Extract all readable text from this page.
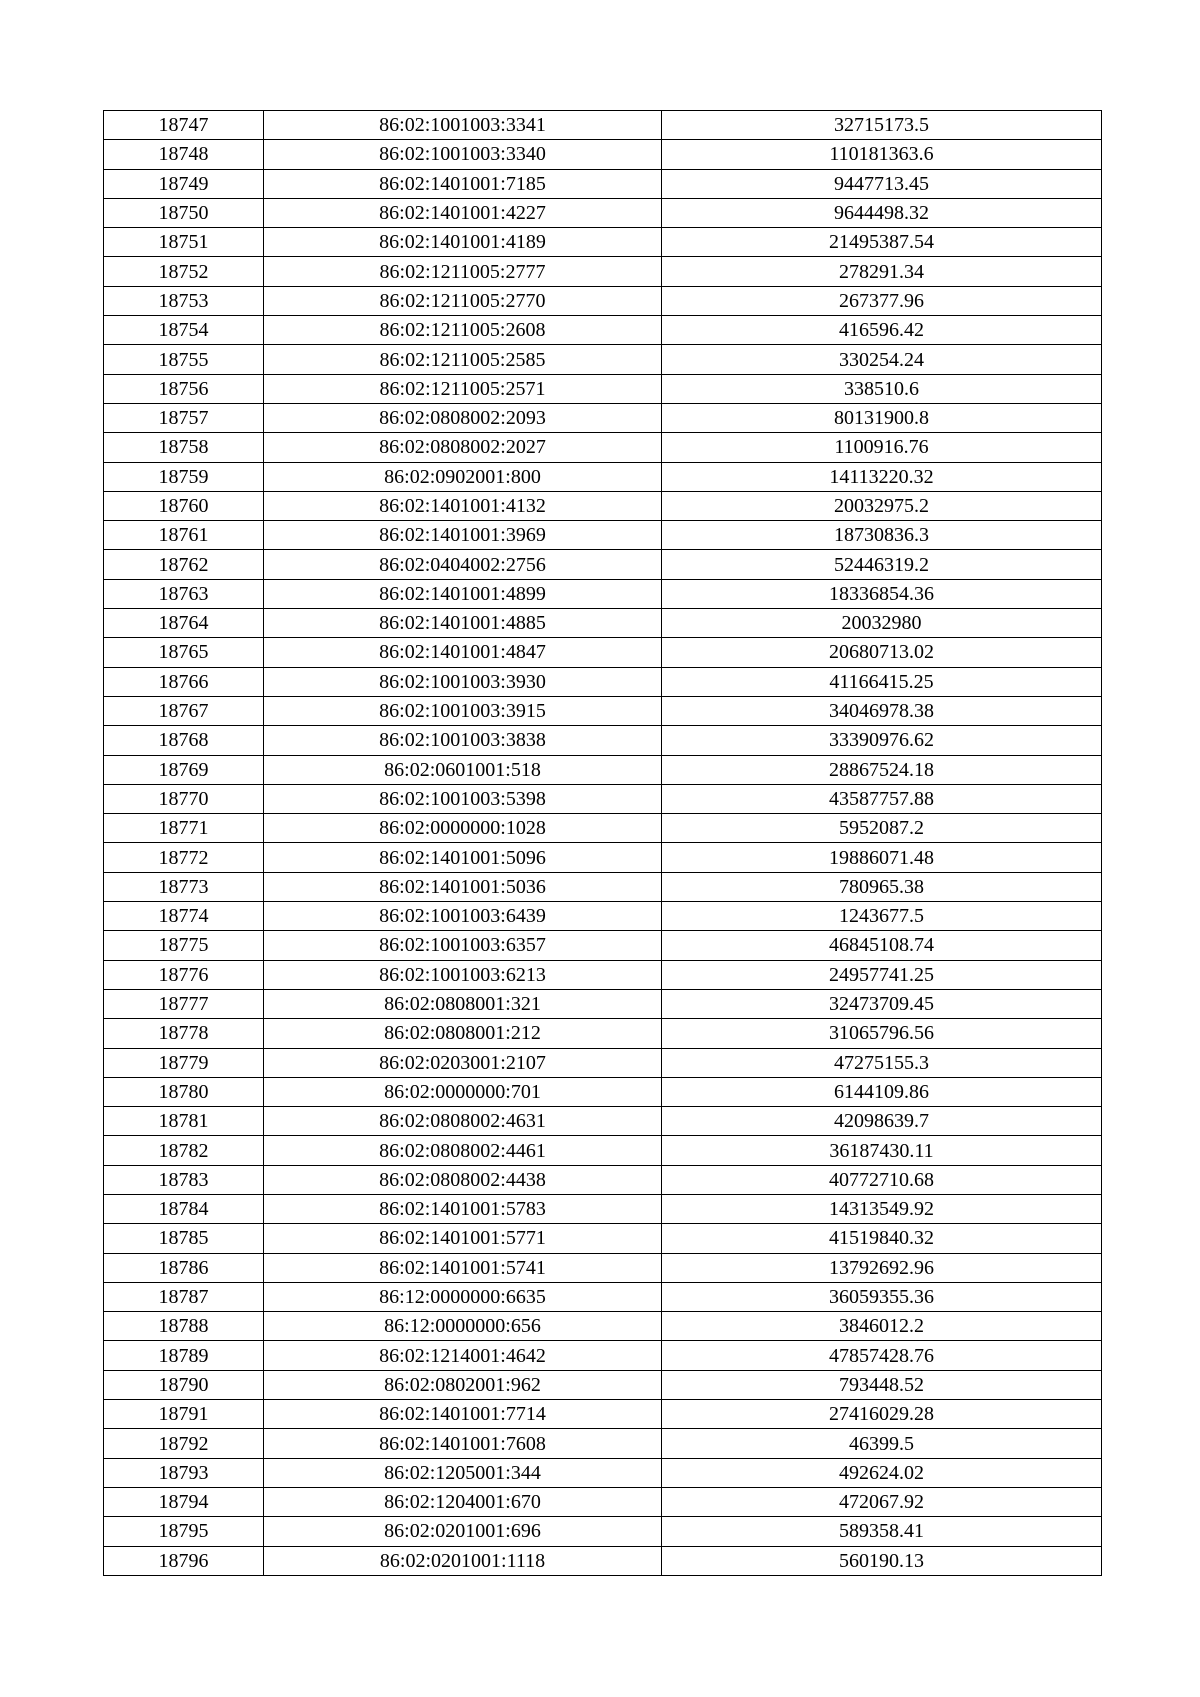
18747	86:02:1001003:3341	32715173.5
18748	86:02:1001003:3340	110181363.6
18749	86:02:1401001:7185	9447713.45
18750	86:02:1401001:4227	9644498.32
18751	86:02:1401001:4189	21495387.54
18752	86:02:1211005:2777	278291.34
18753	86:02:1211005:2770	267377.96
18754	86:02:1211005:2608	416596.42
18755	86:02:1211005:2585	330254.24
18756	86:02:1211005:2571	338510.6
18757	86:02:0808002:2093	80131900.8
18758	86:02:0808002:2027	1100916.76
18759	86:02:0902001:800	14113220.32
18760	86:02:1401001:4132	20032975.2
18761	86:02:1401001:3969	18730836.3
18762	86:02:0404002:2756	52446319.2
18763	86:02:1401001:4899	18336854.36
18764	86:02:1401001:4885	20032980
18765	86:02:1401001:4847	20680713.02
18766	86:02:1001003:3930	41166415.25
18767	86:02:1001003:3915	34046978.38
18768	86:02:1001003:3838	33390976.62
18769	86:02:0601001:518	28867524.18
18770	86:02:1001003:5398	43587757.88
18771	86:02:0000000:1028	5952087.2
18772	86:02:1401001:5096	19886071.48
18773	86:02:1401001:5036	780965.38
18774	86:02:1001003:6439	1243677.5
18775	86:02:1001003:6357	46845108.74
18776	86:02:1001003:6213	24957741.25
18777	86:02:0808001:321	32473709.45
18778	86:02:0808001:212	31065796.56
18779	86:02:0203001:2107	47275155.3
18780	86:02:0000000:701	6144109.86
18781	86:02:0808002:4631	42098639.7
18782	86:02:0808002:4461	36187430.11
18783	86:02:0808002:4438	40772710.68
18784	86:02:1401001:5783	14313549.92
18785	86:02:1401001:5771	41519840.32
18786	86:02:1401001:5741	13792692.96
18787	86:12:0000000:6635	36059355.36
18788	86:12:0000000:656	3846012.2
18789	86:02:1214001:4642	47857428.76
18790	86:02:0802001:962	793448.52
18791	86:02:1401001:7714	27416029.28
18792	86:02:1401001:7608	46399.5
18793	86:02:1205001:344	492624.02
18794	86:02:1204001:670	472067.92
18795	86:02:0201001:696	589358.41
18796	86:02:0201001:1118	560190.13
